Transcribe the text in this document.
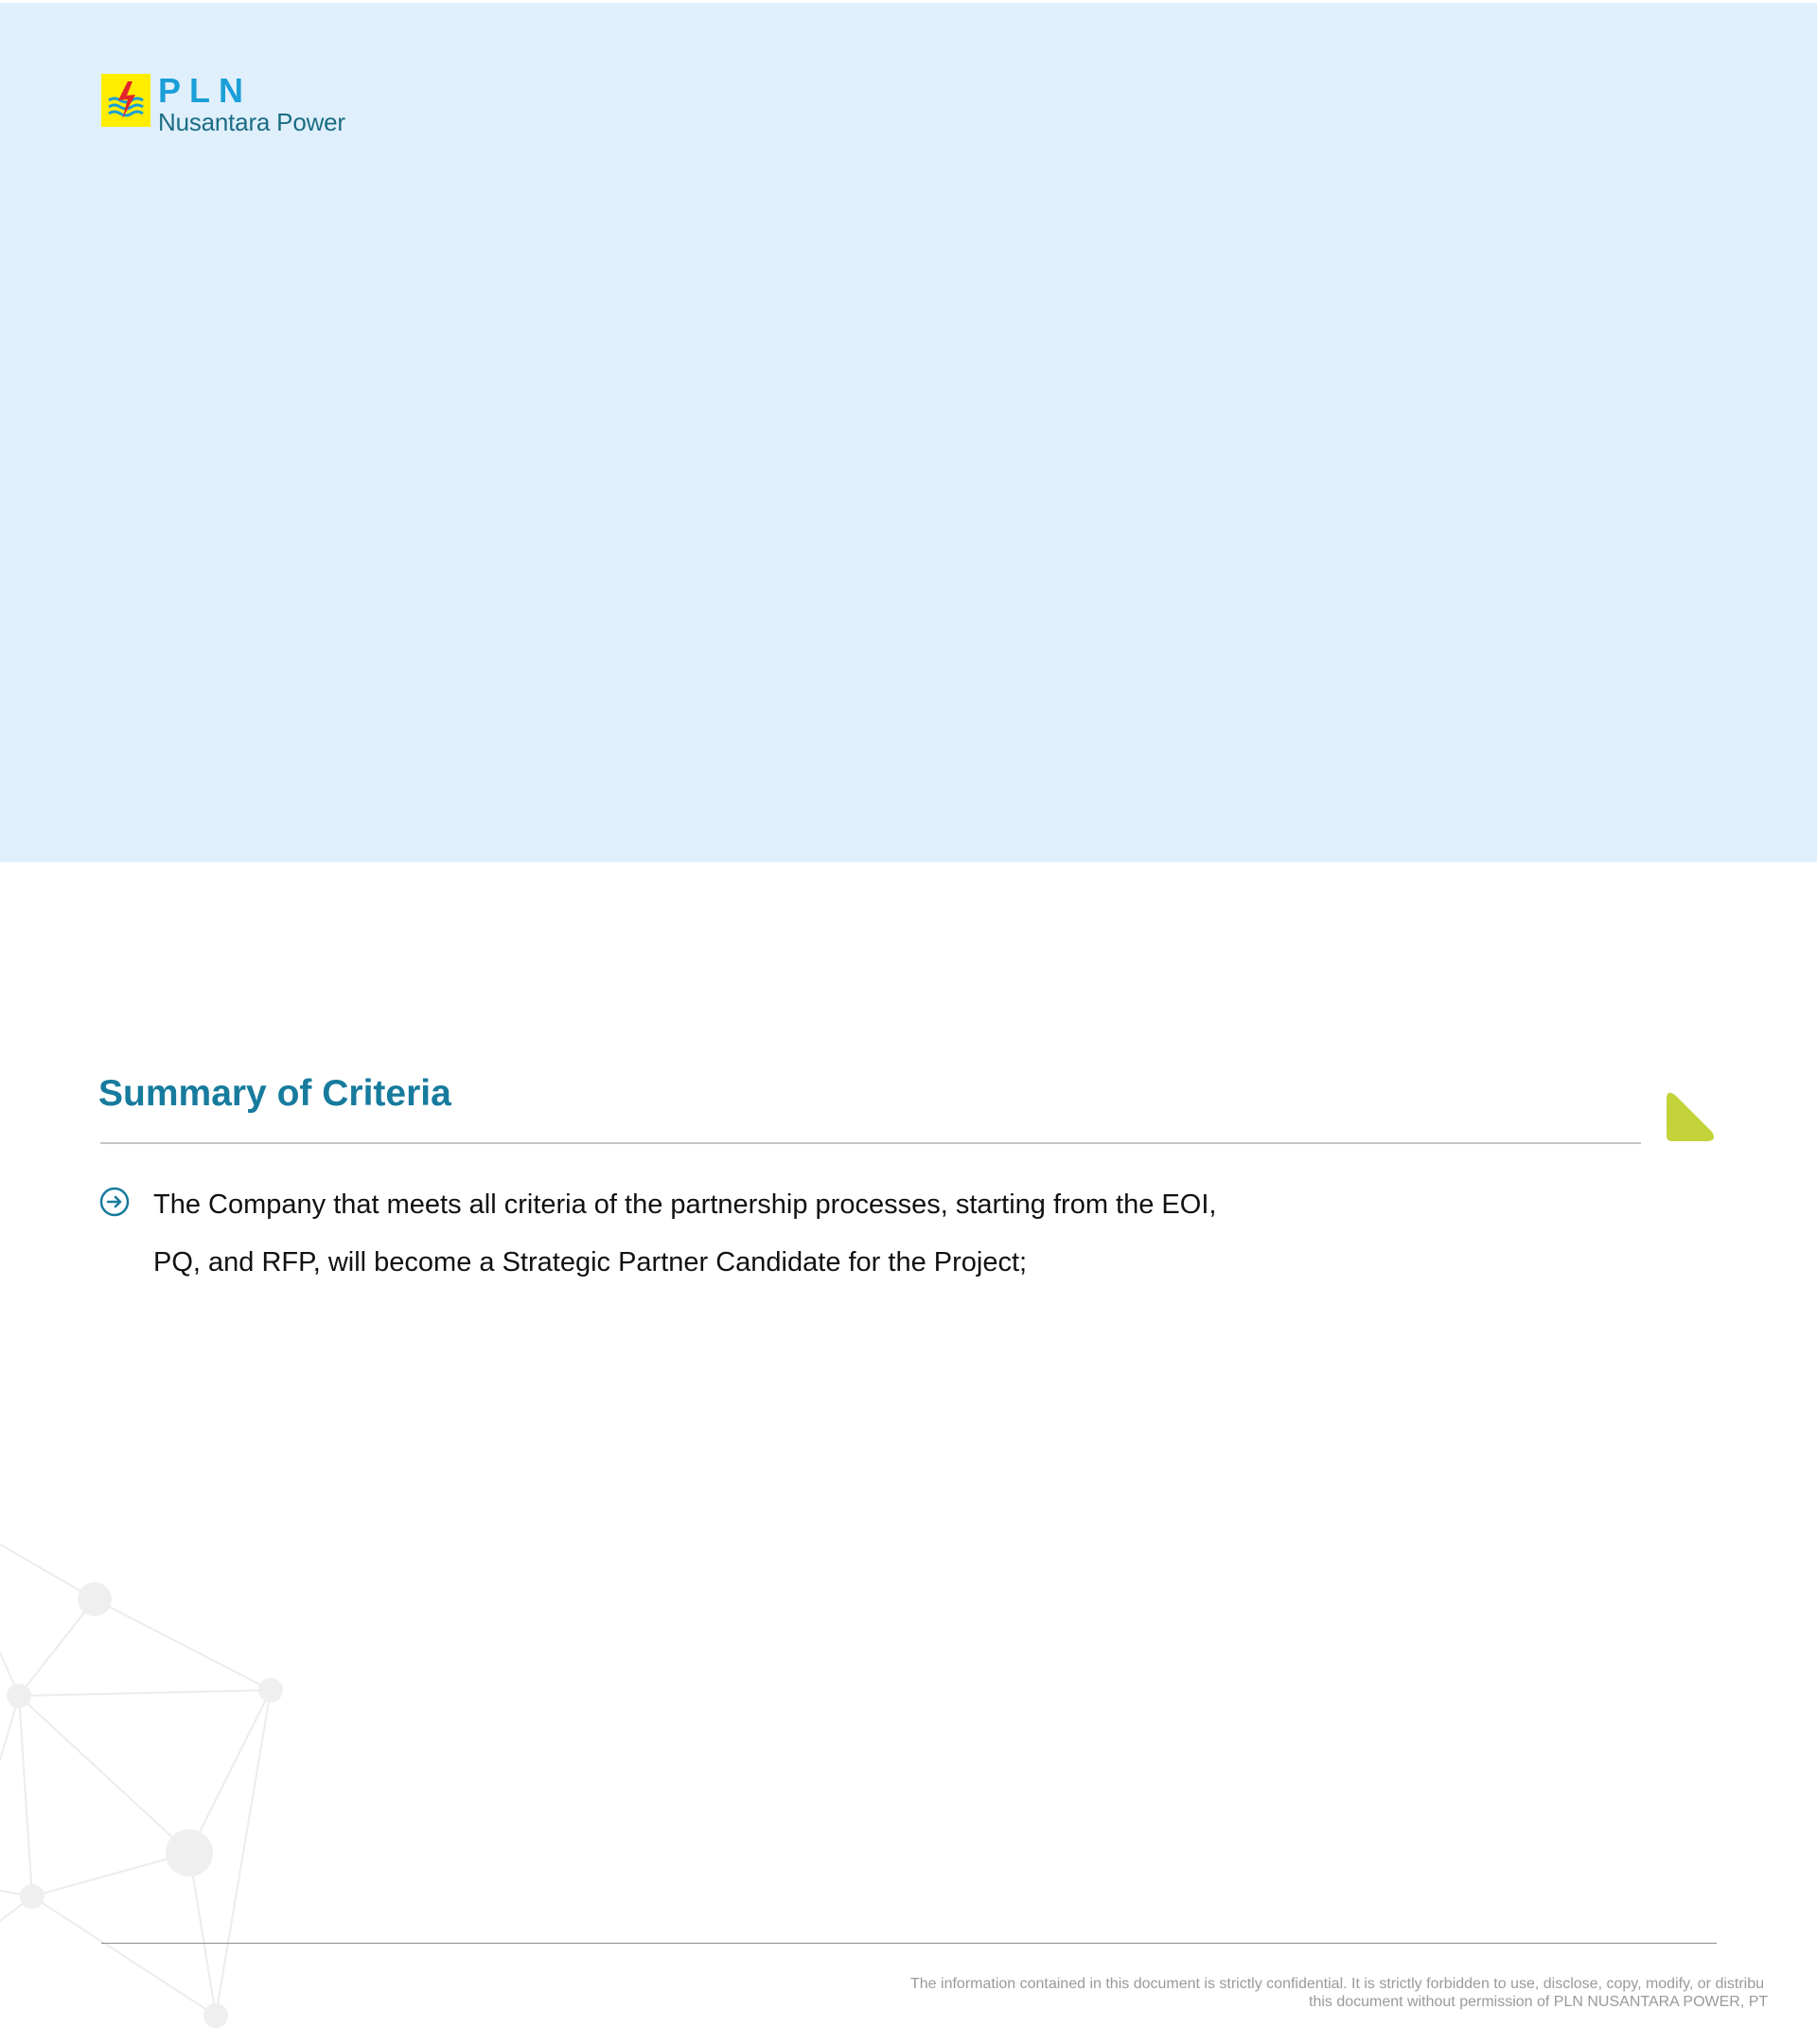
PLN
Nusantara Power
Summary of Criteria

The Company that meets all criteria of the partnership processes, starting from the EOI,
PQ, and RFP, will become a Strategic Partner Candidate for the Project;

The information contained in this document is strictly confidential. It is strictly forbidden to use, disclose, copy, modify, or distribu
this document without permission of PLN NUSANTARA POWER, PT
